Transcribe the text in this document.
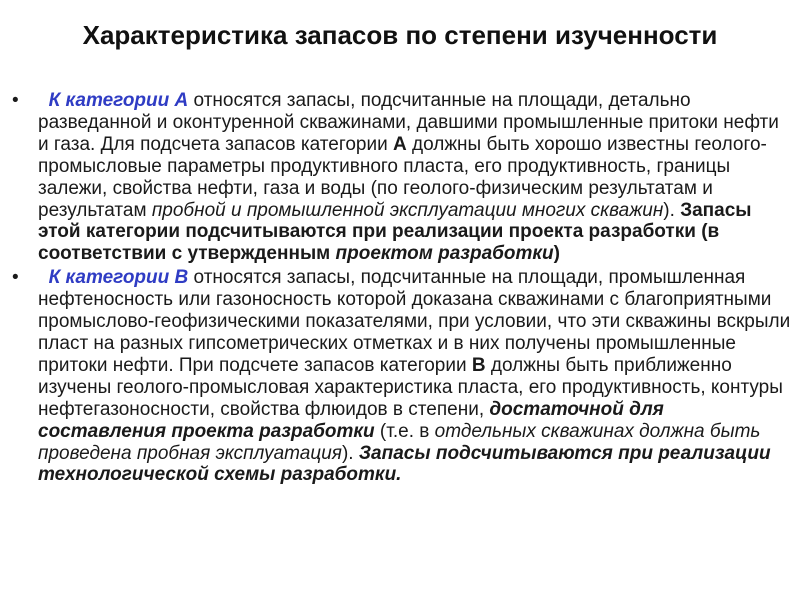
Характеристика запасов по степени изученности
• К категории А относятся запасы, подсчитанные на площади, детально разведанной и оконтуренной скважинами, давшими промышленные притоки нефти и газа. Для подсчета запасов категории А должны быть хорошо известны геолого-промысловые параметры продуктивного пласта, его продуктивность, границы залежи, свойства нефти, газа и воды (по геолого-физическим результатам и результатам пробной и промышленной эксплуатации многих скважин). Запасы этой категории подсчитываются при реализации проекта разработки (в соответствии с утвержденным проектом разработки)
• К категории В относятся запасы, подсчитанные на площади, промышленная нефтеносность или газоносность которой доказана скважинами с благоприятными промыслово-геофизическими показателями, при условии, что эти скважины вскрыли пласт на разных гипсометрических отметках и в них получены промышленные притоки нефти. При подсчете запасов категории В должны быть приближенно изучены геолого-промысловая характеристика пласта, его продуктивность, контуры нефтегазоносности, свойства флюидов в степени, достаточной для составления проекта разработки (т.е. в отдельных скважинах должна быть проведена пробная эксплуатация). Запасы подсчитываются при реализации технологической схемы разработки.
